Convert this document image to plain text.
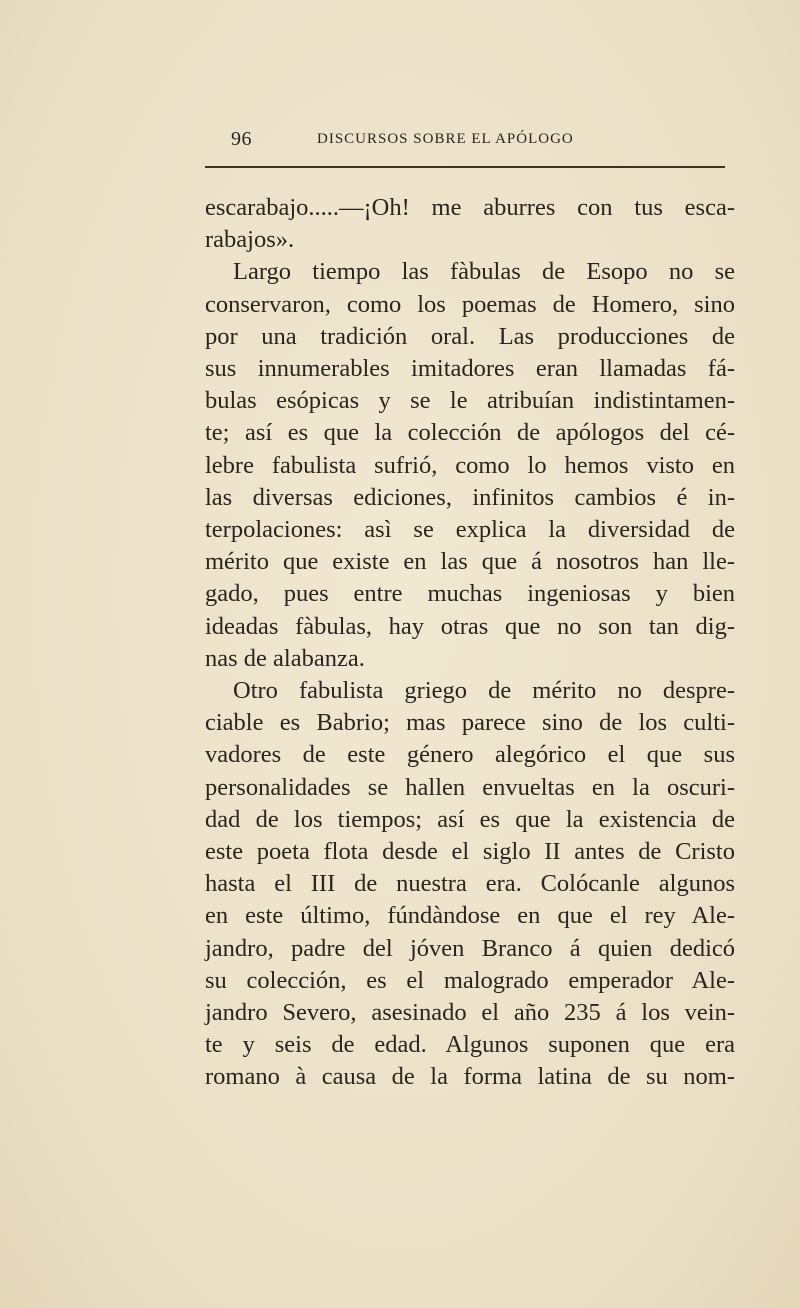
96	DISCURSOS SOBRE EL APÓLOGO
escarabajo.....—¡Oh! me aburres con tus esca-
rabajos».
Largo tiempo las fàbulas de Esopo no se
conservaron, como los poemas de Homero, sino
por una tradición oral. Las producciones de
sus innumerables imitadores eran llamadas fá-
bulas esópicas y se le atribuían indistintamen-
te; así es que la colección de apólogos del cé-
lebre fabulista sufrió, como lo hemos visto en
las diversas ediciones, infinitos cambios é in-
terpolaciones: asì se explica la diversidad de
mérito que existe en las que á nosotros han lle-
gado, pues entre muchas ingeniosas y bien
ideadas fàbulas, hay otras que no son tan dig-
nas de alabanza.
Otro fabulista griego de mérito no despre-
ciable es Babrio; mas parece sino de los culti-
vadores de este género alegórico el que sus
personalidades se hallen envueltas en la oscuri-
dad de los tiempos; así es que la existencia de
este poeta flota desde el siglo II antes de Cristo
hasta el III de nuestra era. Colócanle algunos
en este último, fúndàndose en que el rey Ale-
jandro, padre del jóven Branco á quien dedicó
su colección, es el malogrado emperador Ale-
jandro Severo, asesinado el año 235 á los vein-
te y seis de edad. Algunos suponen que era
romano à causa de la forma latina de su nom-
